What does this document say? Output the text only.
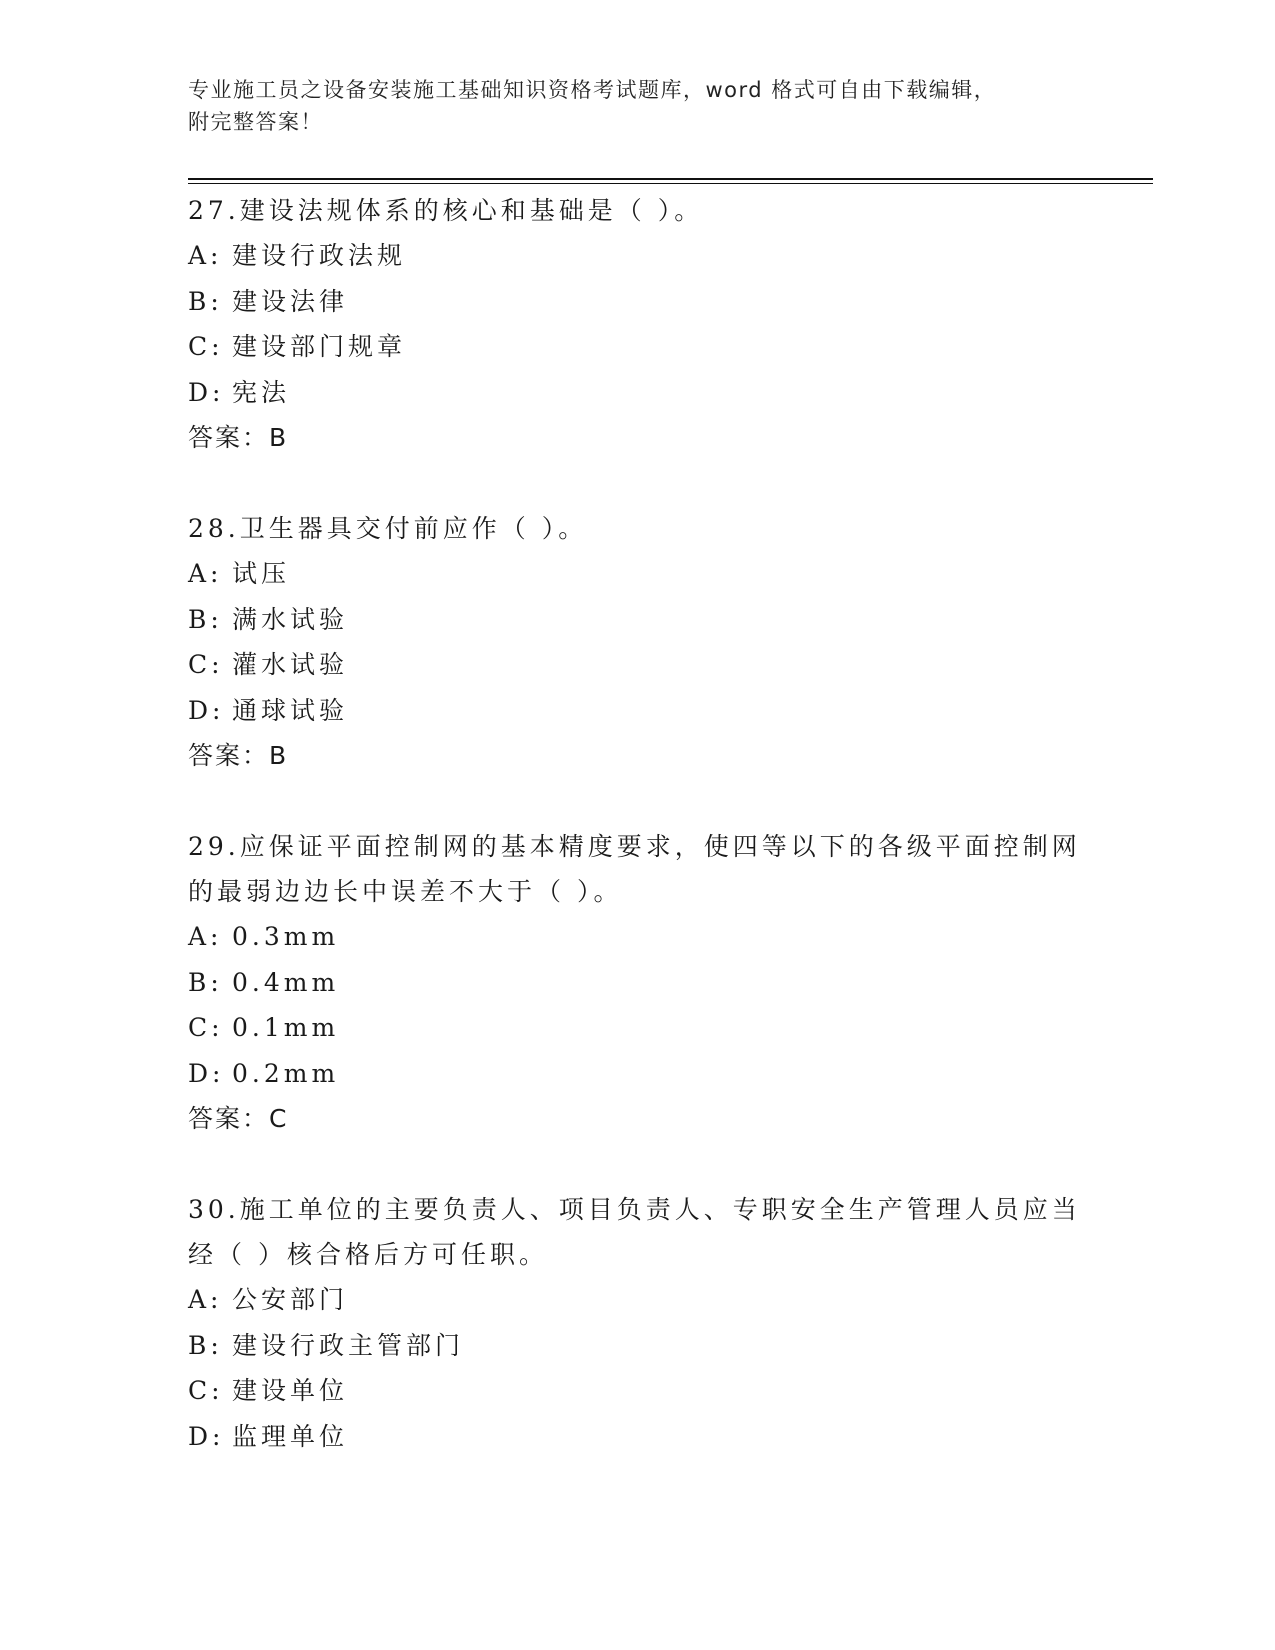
专业施工员之设备安装施工基础知识资格考试题库，word 格式可自由下载编辑，
附完整答案！

27.建设法规体系的核心和基础是（ ）。

A: 建设行政法规

B: 建设法律

C: 建设部门规章

D: 宪法

答案：B

28.卫生器具交付前应作（ ）。

A: 试压

B: 满水试验

C: 灌水试验

D: 通球试验

答案：B

29.应保证平面控制网的基本精度要求，使四等以下的各级平面控制网的最弱边边长中误差不大于（ ）。

A: 0.3mm

B: 0.4mm

C: 0.1mm

D: 0.2mm

答案：C

30.施工单位的主要负责人、项目负责人、专职安全生产管理人员应当经（ ）核合格后方可任职。

A: 公安部门

B: 建设行政主管部门

C: 建设单位

D: 监理单位
